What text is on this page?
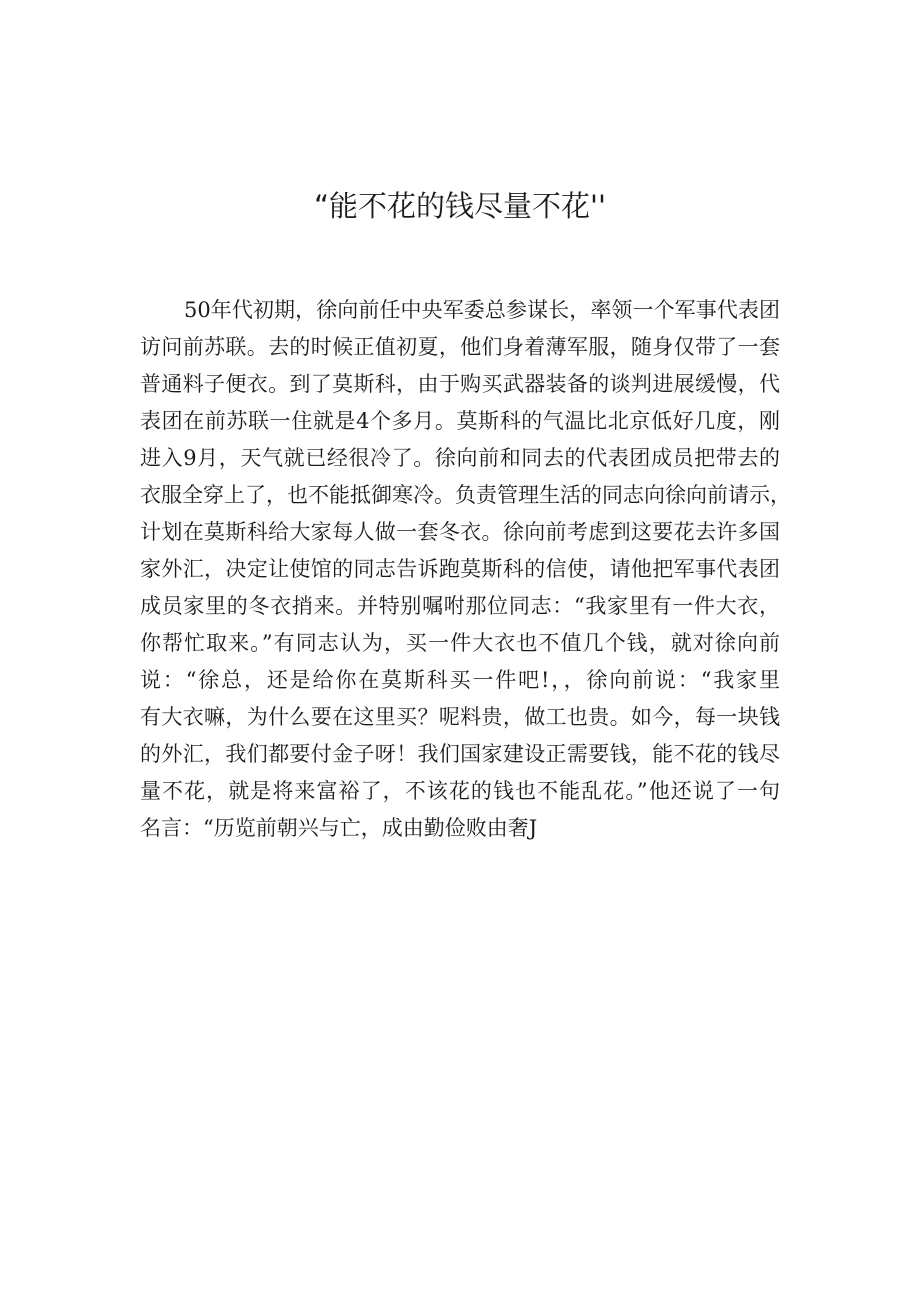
“能不花的钱尽量不花''
50年代初期，徐向前任中央军委总参谋长，率领一个军事代表团
访问前苏联。去的时候正值初夏，他们身着薄军服，随身仅带了一套
普通料子便衣。到了莫斯科，由于购买武器装备的谈判进展缓慢，代
表团在前苏联一住就是4个多月。莫斯科的气温比北京低好几度，刚
进入9月，天气就已经很冷了。徐向前和同去的代表团成员把带去的
衣服全穿上了，也不能抵御寒冷。负责管理生活的同志向徐向前请示，
计划在莫斯科给大家每人做一套冬衣。徐向前考虑到这要花去许多国
家外汇，决定让使馆的同志告诉跑莫斯科的信使，请他把军事代表团
成员家里的冬衣捎来。并特别嘱咐那位同志：“我家里有一件大衣，
你帮忙取来。”有同志认为，买一件大衣也不值几个钱，就对徐向前
说：“徐总，还是给你在莫斯科买一件吧!，，徐向前说：“我家里
有大衣嘛，为什么要在这里买？呢料贵，做工也贵。如今，每一块钱
的外汇，我们都要付金子呀！我们国家建设正需要钱，能不花的钱尽
量不花，就是将来富裕了，不该花的钱也不能乱花。”他还说了一句
名言：“历览前朝兴与亡，成由勤俭败由奢J
